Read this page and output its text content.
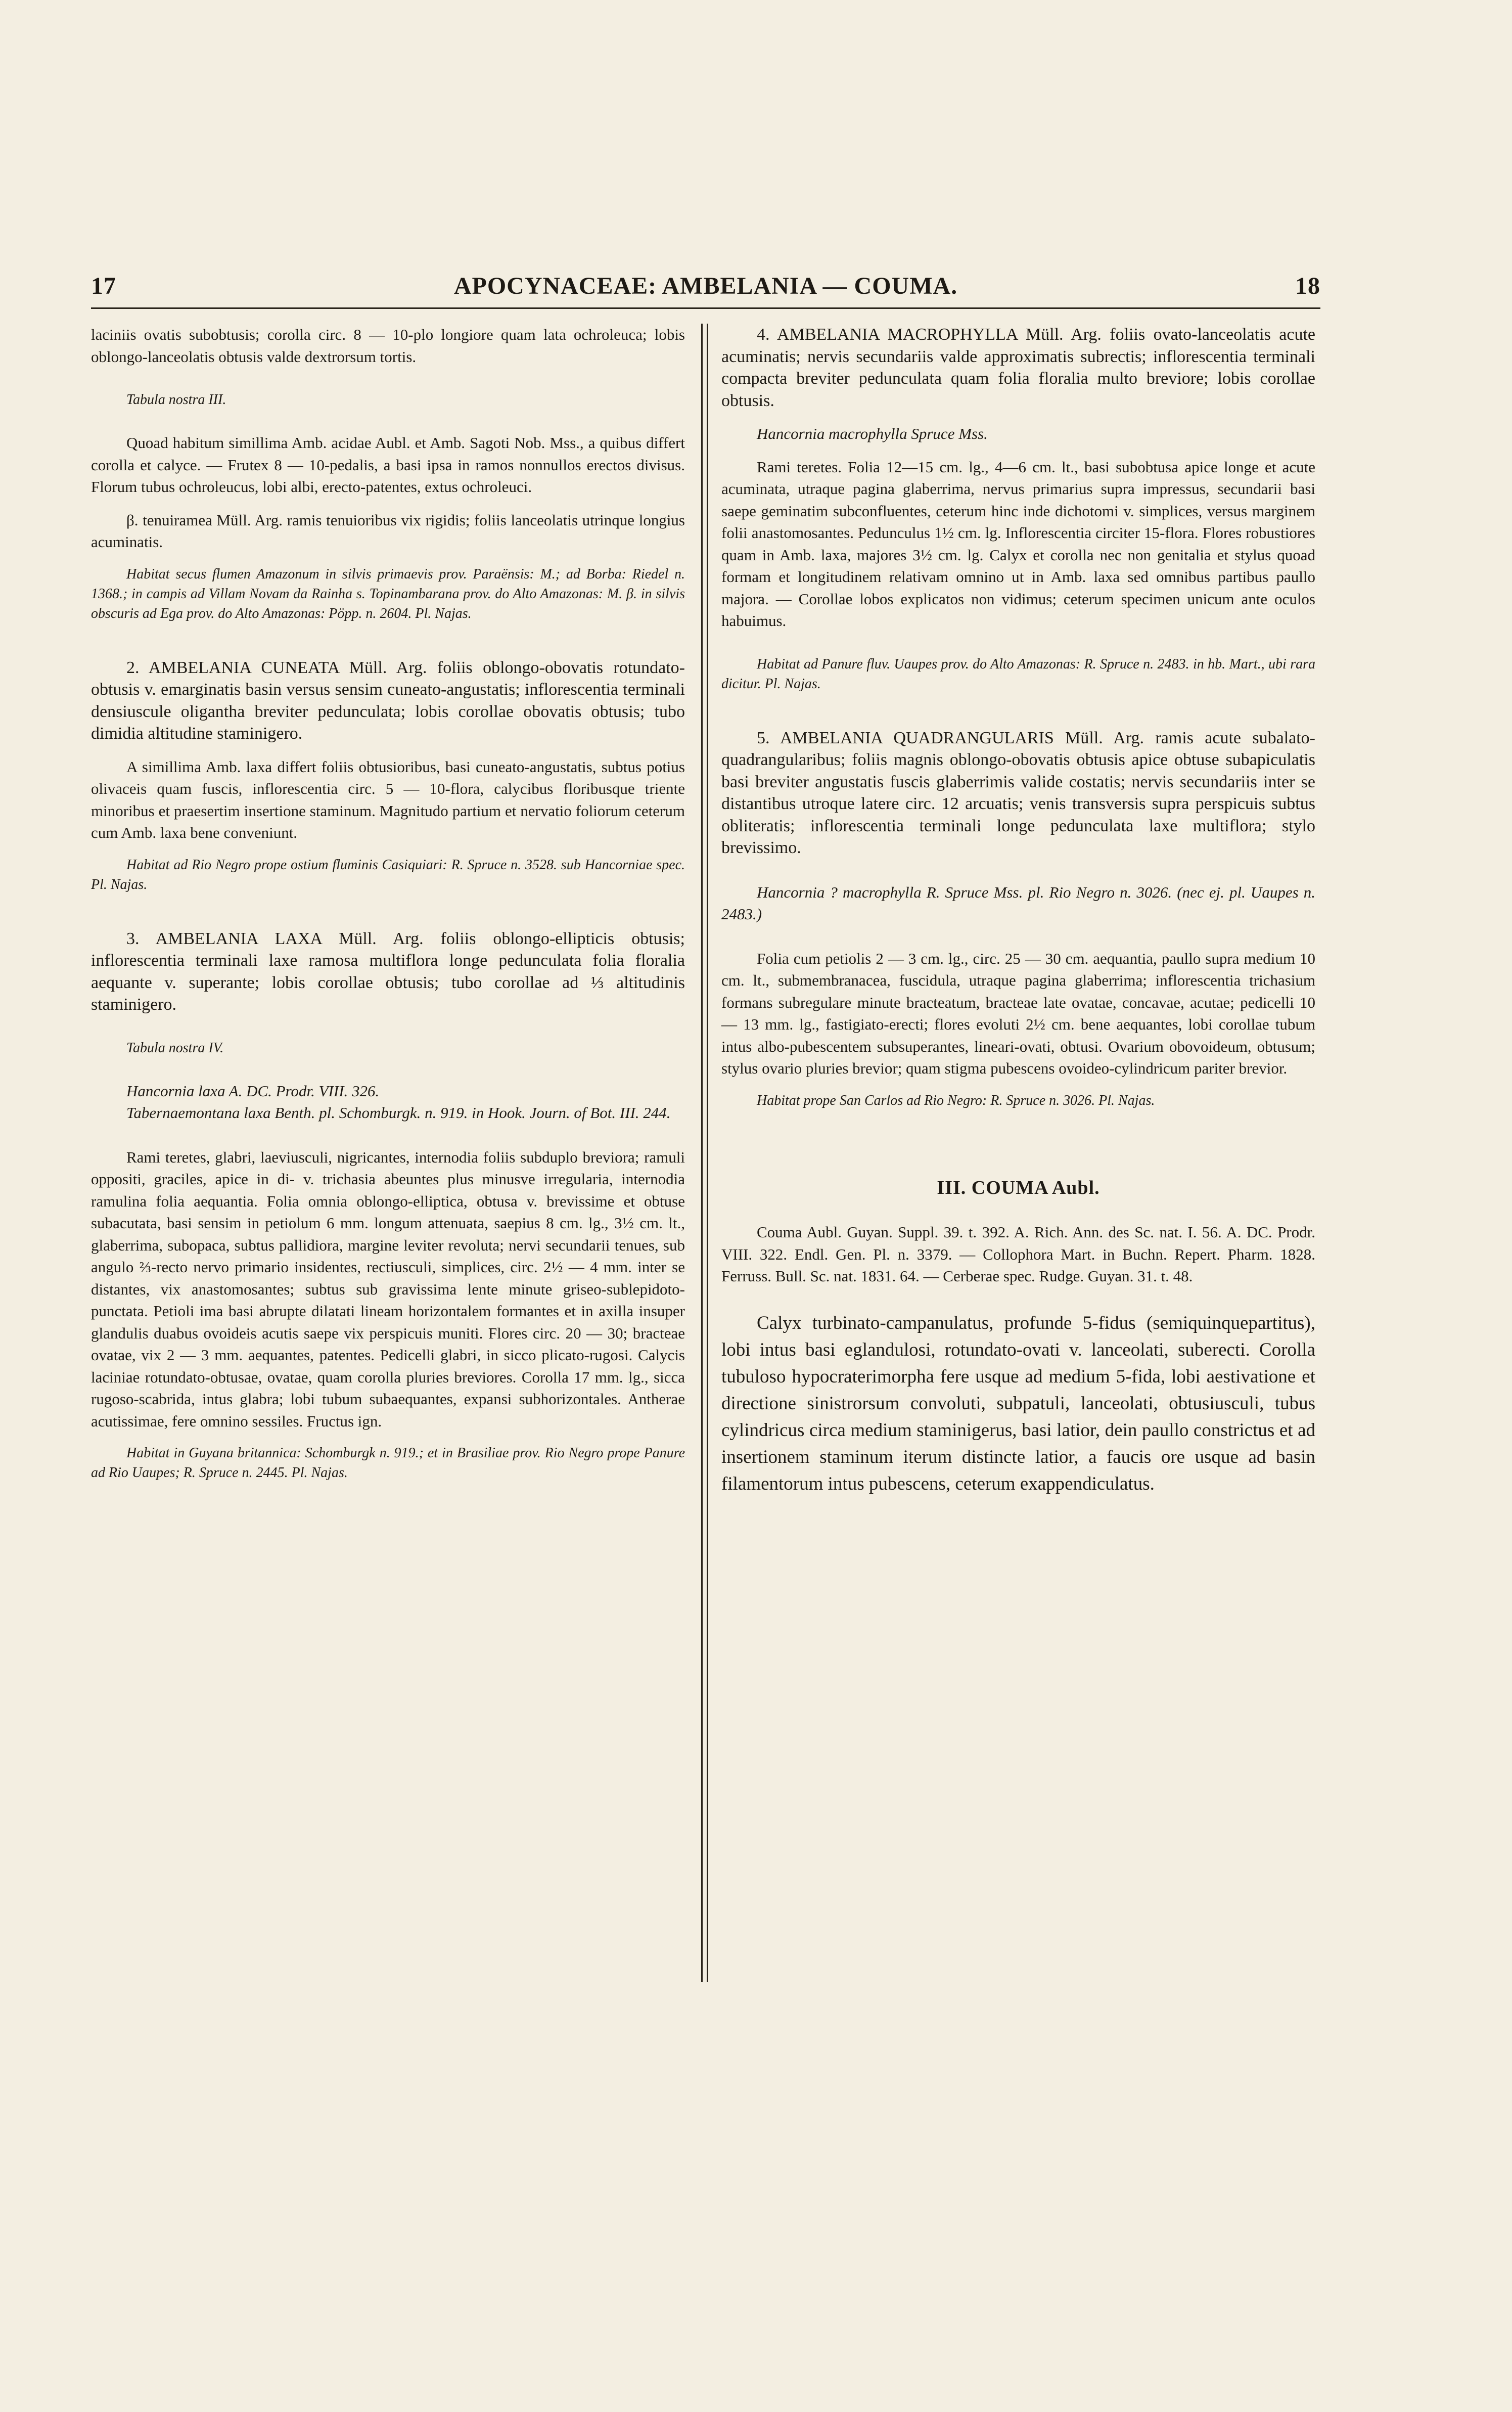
17	APOCYNACEAE: AMBELANIA — COUMA.	18

laciniis ovatis subobtusis; corolla circ. 8 — 10-plo longiore quam lata ochroleuca; lobis oblongo-lanceolatis obtusis valde dextrorsum tortis.

Tabula nostra III.

Quoad habitum simillima Amb. acidae Aubl. et Amb. Sagoti Nob. Mss., a quibus differt corolla et calyce. — Frutex 8 — 10-pedalis, a basi ipsa in ramos nonnullos erectos divisus. Florum tubus ochroleucus, lobi albi, erecto-patentes, extus ochroleuci.

β. tenuiramea Müll. Arg. ramis tenuioribus vix rigidis; foliis lanceolatis utrinque longius acuminatis.

Habitat secus flumen Amazonum in silvis primaevis prov. Paraënsis: M.; ad Borba: Riedel n. 1368.; in campis ad Villam Novam da Rainha s. Topinambarana prov. do Alto Amazonas: M. β. in silvis obscuris ad Ega prov. do Alto Amazonas: Pöpp. n. 2604. Pl. Najas.

2. AMBELANIA CUNEATA Müll. Arg. foliis oblongo-obovatis rotundato-obtusis v. emarginatis basin versus sensim cuneato-angustatis; inflorescentia terminali densiuscule oligantha breviter pedunculata; lobis corollae obovatis obtusis; tubo dimidia altitudine staminigero.

A simillima Amb. laxa differt foliis obtusioribus, basi cuneato-angustatis, subtus potius olivaceis quam fuscis, inflorescentia circ. 5 — 10-flora, calycibus floribusque triente minoribus et praesertim insertione staminum. Magnitudo partium et nervatio foliorum ceterum cum Amb. laxa bene conveniunt.

Habitat ad Rio Negro prope ostium fluminis Casiquiari: R. Spruce n. 3528. sub Hancorniae spec. Pl. Najas.

3. AMBELANIA LAXA Müll. Arg. foliis oblongo-ellipticis obtusis; inflorescentia terminali laxe ramosa multiflora longe pedunculata folia floralia aequante v. superante; lobis corollae obtusis; tubo corollae ad ⅓ altitudinis staminigero.

Tabula nostra IV.

Hancornia laxa A. DC. Prodr. VIII. 326.

Tabernaemontana laxa Benth. pl. Schomburgk. n. 919. in Hook. Journ. of Bot. III. 244.

Rami teretes, glabri, laeviusculi, nigricantes, internodia foliis subduplo breviora; ramuli oppositi, graciles, apice in di- v. trichasia abeuntes plus minusve irregularia, internodia ramulina folia aequantia. Folia omnia oblongo-elliptica, obtusa v. brevissime et obtuse subacutata, basi sensim in petiolum 6 mm. longum attenuata, saepius 8 cm. lg., 3½ cm. lt., glaberrima, subopaca, subtus pallidiora, margine leviter revoluta; nervi secundarii tenues, sub angulo ⅔-recto nervo primario insidentes, rectiusculi, simplices, circ. 2½ — 4 mm. inter se distantes, vix anastomosantes; subtus sub gravissima lente minute griseo-sublepidoto-punctata. Petioli ima basi abrupte dilatati lineam horizontalem formantes et in axilla insuper glandulis duabus ovoideis acutis saepe vix perspicuis muniti. Flores circ. 20 — 30; bracteae ovatae, vix 2 — 3 mm. aequantes, patentes. Pedicelli glabri, in sicco plicato-rugosi. Calycis laciniae rotundato-obtusae, ovatae, quam corolla pluries breviores. Corolla 17 mm. lg., sicca rugoso-scabrida, intus glabra; lobi tubum subaequantes, expansi subhorizontales. Antherae acutissimae, fere omnino sessiles. Fructus ign.

Habitat in Guyana britannica: Schomburgk n. 919.; et in Brasiliae prov. Rio Negro prope Panure ad Rio Uaupes; R. Spruce n. 2445. Pl. Najas.

4. AMBELANIA MACROPHYLLA Müll. Arg. foliis ovato-lanceolatis acute acuminatis; nervis secundariis valde approximatis subrectis; inflorescentia terminali compacta breviter pedunculata quam folia floralia multo breviore; lobis corollae obtusis.

Hancornia macrophylla Spruce Mss.

Rami teretes. Folia 12—15 cm. lg., 4—6 cm. lt., basi subobtusa apice longe et acute acuminata, utraque pagina glaberrima, nervus primarius supra impressus, secundarii basi saepe geminatim subconfluentes, ceterum hinc inde dichotomi v. simplices, versus marginem folii anastomosantes. Pedunculus 1½ cm. lg. Inflorescentia circiter 15-flora. Flores robustiores quam in Amb. laxa, majores 3½ cm. lg. Calyx et corolla nec non genitalia et stylus quoad formam et longitudinem relativam omnino ut in Amb. laxa sed omnibus partibus paullo majora. — Corollae lobos explicatos non vidimus; ceterum specimen unicum ante oculos habuimus.

Habitat ad Panure fluv. Uaupes prov. do Alto Amazonas: R. Spruce n. 2483. in hb. Mart., ubi rara dicitur. Pl. Najas.

5. AMBELANIA QUADRANGULARIS Müll. Arg. ramis acute subalato-quadrangularibus; foliis magnis oblongo-obovatis obtusis apice obtuse subapiculatis basi breviter angustatis fuscis glaberrimis valide costatis; nervis secundariis inter se distantibus utroque latere circ. 12 arcuatis; venis transversis supra perspicuis subtus obliteratis; inflorescentia terminali longe pedunculata laxe multiflora; stylo brevissimo.

Hancornia ? macrophylla R. Spruce Mss. pl. Rio Negro n. 3026. (nec ej. pl. Uaupes n. 2483.)

Folia cum petiolis 2 — 3 cm. lg., circ. 25 — 30 cm. aequantia, paullo supra medium 10 cm. lt., submembranacea, fuscidula, utraque pagina glaberrima; inflorescentia trichasium formans subregulare minute bracteatum, bracteae late ovatae, concavae, acutae; pedicelli 10 — 13 mm. lg., fastigiato-erecti; flores evoluti 2½ cm. bene aequantes, lobi corollae tubum intus albo-pubescentem subsuperantes, lineari-ovati, obtusi. Ovarium obovoideum, obtusum; stylus ovario pluries brevior; quam stigma pubescens ovoideo-cylindricum pariter brevior.

Habitat prope San Carlos ad Rio Negro: R. Spruce n. 3026. Pl. Najas.

III. COUMA Aubl.

Couma Aubl. Guyan. Suppl. 39. t. 392. A. Rich. Ann. des Sc. nat. I. 56. A. DC. Prodr. VIII. 322. Endl. Gen. Pl. n. 3379. — Collophora Mart. in Buchn. Repert. Pharm. 1828. Ferruss. Bull. Sc. nat. 1831. 64. — Cerberae spec. Rudge. Guyan. 31. t. 48.

Calyx turbinato-campanulatus, profunde 5-fidus (semiquinquepartitus), lobi intus basi eglandulosi, rotundato-ovati v. lanceolati, suberecti. Corolla tubuloso hypocraterimorpha fere usque ad medium 5-fida, lobi aestivatione et directione sinistrorsum convoluti, subpatuli, lanceolati, obtusiusculi, tubus cylindricus circa medium staminigerus, basi latior, dein paullo constrictus et ad insertionem staminum iterum distincte latior, a faucis ore usque ad basin filamentorum intus pubescens, ceterum exappendiculatus.
